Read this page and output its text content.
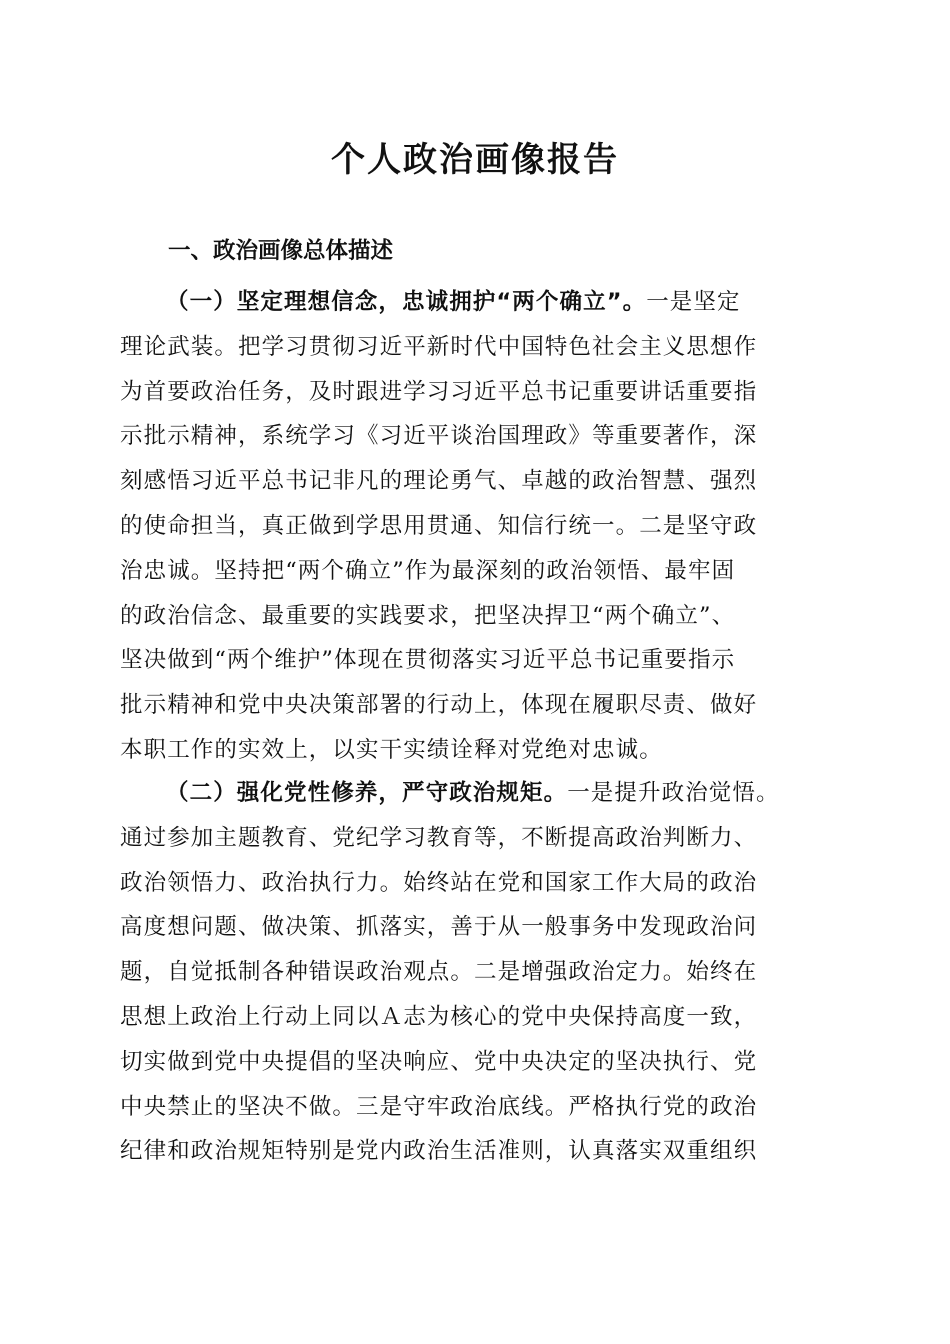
个人政治画像报告
一、政治画像总体描述
（一）坚定理想信念，忠诚拥护“两个确立”。一是坚定
理论武装。把学习贯彻习近平新时代中国特色社会主义思想作
为首要政治任务，及时跟进学习习近平总书记重要讲话重要指
示批示精神，系统学习《习近平谈治国理政》等重要著作，深
刻感悟习近平总书记非凡的理论勇气、卓越的政治智慧、强烈
的使命担当，真正做到学思用贯通、知信行统一。二是坚守政
治忠诚。坚持把“两个确立”作为最深刻的政治领悟、最牢固
的政治信念、最重要的实践要求，把坚决捍卫“两个确立”、
坚决做到“两个维护”体现在贯彻落实习近平总书记重要指示
批示精神和党中央决策部署的行动上，体现在履职尽责、做好
本职工作的实效上，以实干实绩诠释对党绝对忠诚。
（二）强化党性修养，严守政治规矩。一是提升政治觉悟。
通过参加主题教育、党纪学习教育等，不断提高政治判断力、
政治领悟力、政治执行力。始终站在党和国家工作大局的政治
高度想问题、做决策、抓落实，善于从一般事务中发现政治问
题，自觉抵制各种错误政治观点。二是增强政治定力。始终在
思想上政治上行动上同以Ａ志为核心的党中央保持高度一致，
切实做到党中央提倡的坚决响应、党中央决定的坚决执行、党
中央禁止的坚决不做。三是守牢政治底线。严格执行党的政治
纪律和政治规矩特别是党内政治生活准则，认真落实双重组织
